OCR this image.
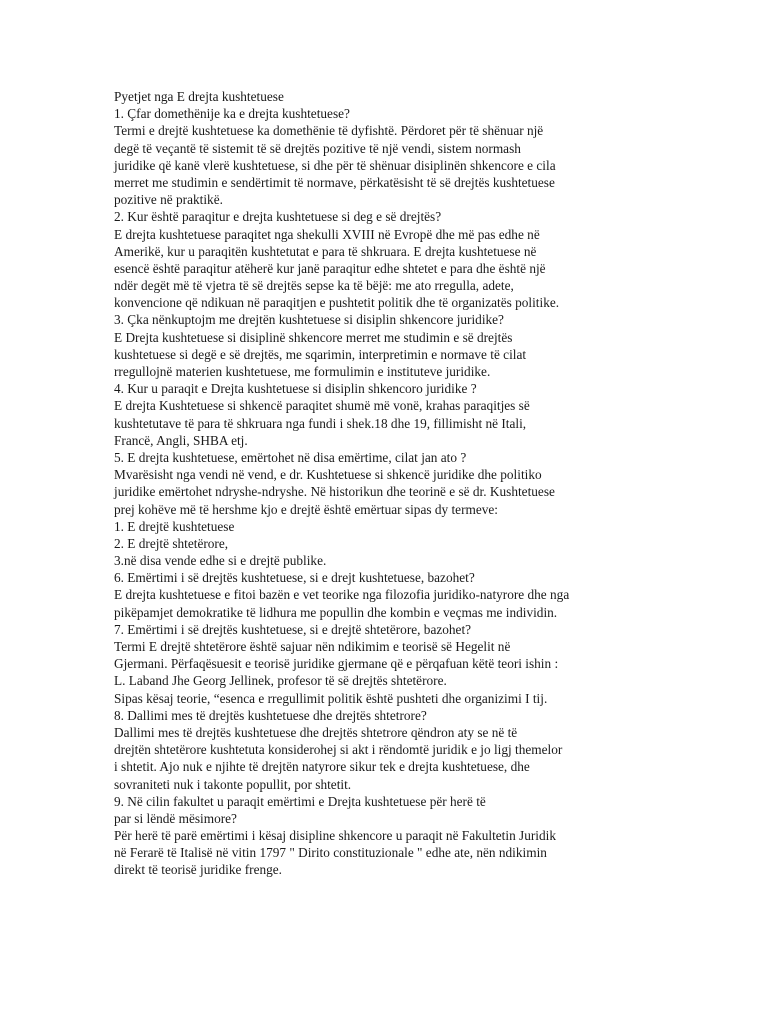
Pyetjet nga E drejta kushtetuese
1. Çfar domethënije ka e drejta kushtetuese?
Termi e drejtë kushtetuese ka domethënie të dyfishtë. Përdoret për të shënuar një
degë të veçantë të sistemit të së drejtës pozitive të një vendi, sistem normash
juridike që kanë vlerë kushtetuese, si dhe për të shënuar disiplinën shkencore e cila
merret me studimin e sendërtimit të normave, përkatësisht të së drejtës kushtetuese
pozitive në praktikë.
2. Kur është paraqitur e drejta kushtetuese si deg e së drejtës?
E drejta kushtetuese paraqitet nga shekulli XVIII në Evropë dhe më pas edhe në
Amerikë, kur u paraqitën kushtetutat e para të shkruara. E drejta kushtetuese në
esencë është paraqitur atëherë kur janë paraqitur edhe shtetet e para dhe është një
ndër degët më të vjetra të së drejtës sepse ka të bëjë: me ato rregulla, adete,
konvencione që ndikuan në paraqitjen e pushtetit politik dhe të organizatës politike.
3. Çka nënkuptojm me drejtën kushtetuese si disiplin shkencore juridike?
E Drejta kushtetuese si disiplinë shkencore merret me studimin e së drejtës
kushtetuese si degë e së drejtës, me sqarimin, interpretimin e normave të cilat
rregullojnë materien kushtetuese, me formulimin e instituteve juridike.
4. Kur u paraqit e Drejta kushtetuese si disiplin shkencoro juridike ?
E drejta Kushtetuese si shkencë paraqitet shumë më vonë, krahas paraqitjes së
kushtetutave të para të shkruara nga fundi i shek.18 dhe 19, fillimisht në Itali,
Francë, Angli, SHBA etj.
5. E drejta kushtetuese, emërtohet në disa emërtime, cilat jan ato ?
Mvarësisht nga vendi në vend, e dr. Kushtetuese si shkencë juridike dhe politiko
juridike emërtohet ndryshe-ndryshe. Në historikun dhe teorinë e së dr. Kushtetuese
prej kohëve më të hershme kjo e drejtë është emërtuar sipas dy termeve:
1. E drejtë kushtetuese
2. E drejtë shtetërore,
3.në disa vende edhe si e drejtë publike.
6. Emërtimi i së drejtës kushtetuese, si e drejt kushtetuese, bazohet?
E drejta kushtetuese e fitoi bazën e vet teorike nga filozofia juridiko-natyrore dhe nga
pikëpamjet demokratike të lidhura me popullin dhe kombin e veçmas me individin.
7. Emërtimi i së drejtës kushtetuese, si e drejtë shtetërore, bazohet?
Termi E drejtë shtetërore është sajuar nën ndikimim e teorisë së Hegelit në
Gjermani. Përfaqësuesit e teorisë juridike gjermane që e përqafuan këtë teori ishin :
L. Laband Jhe Georg Jellinek, profesor të së drejtës shtetërore.
Sipas kësaj teorie, “esenca e rregullimit politik është pushteti dhe organizimi I tij.
8. Dallimi mes të drejtës kushtetuese dhe drejtës shtetrore?
Dallimi mes të drejtës kushtetuese dhe drejtës shtetrore qëndron aty se në të
drejtën shtetërore kushtetuta konsiderohej si akt i rëndomtë juridik e jo ligj themelor
i shtetit. Ajo nuk e njihte të drejtën natyrore sikur tek e drejta kushtetuese, dhe
sovraniteti nuk i takonte popullit, por shtetit.
9. Në cilin fakultet u paraqit emërtimi e Drejta kushtetuese për herë të
par si lëndë mësimore?
Për herë të parë emërtimi i kësaj disipline shkencore u paraqit në Fakultetin Juridik
në Ferarë të Italisë në vitin 1797 " Dirito constituzionale " edhe ate, nën ndikimin
direkt të teorisë juridike frenge.
